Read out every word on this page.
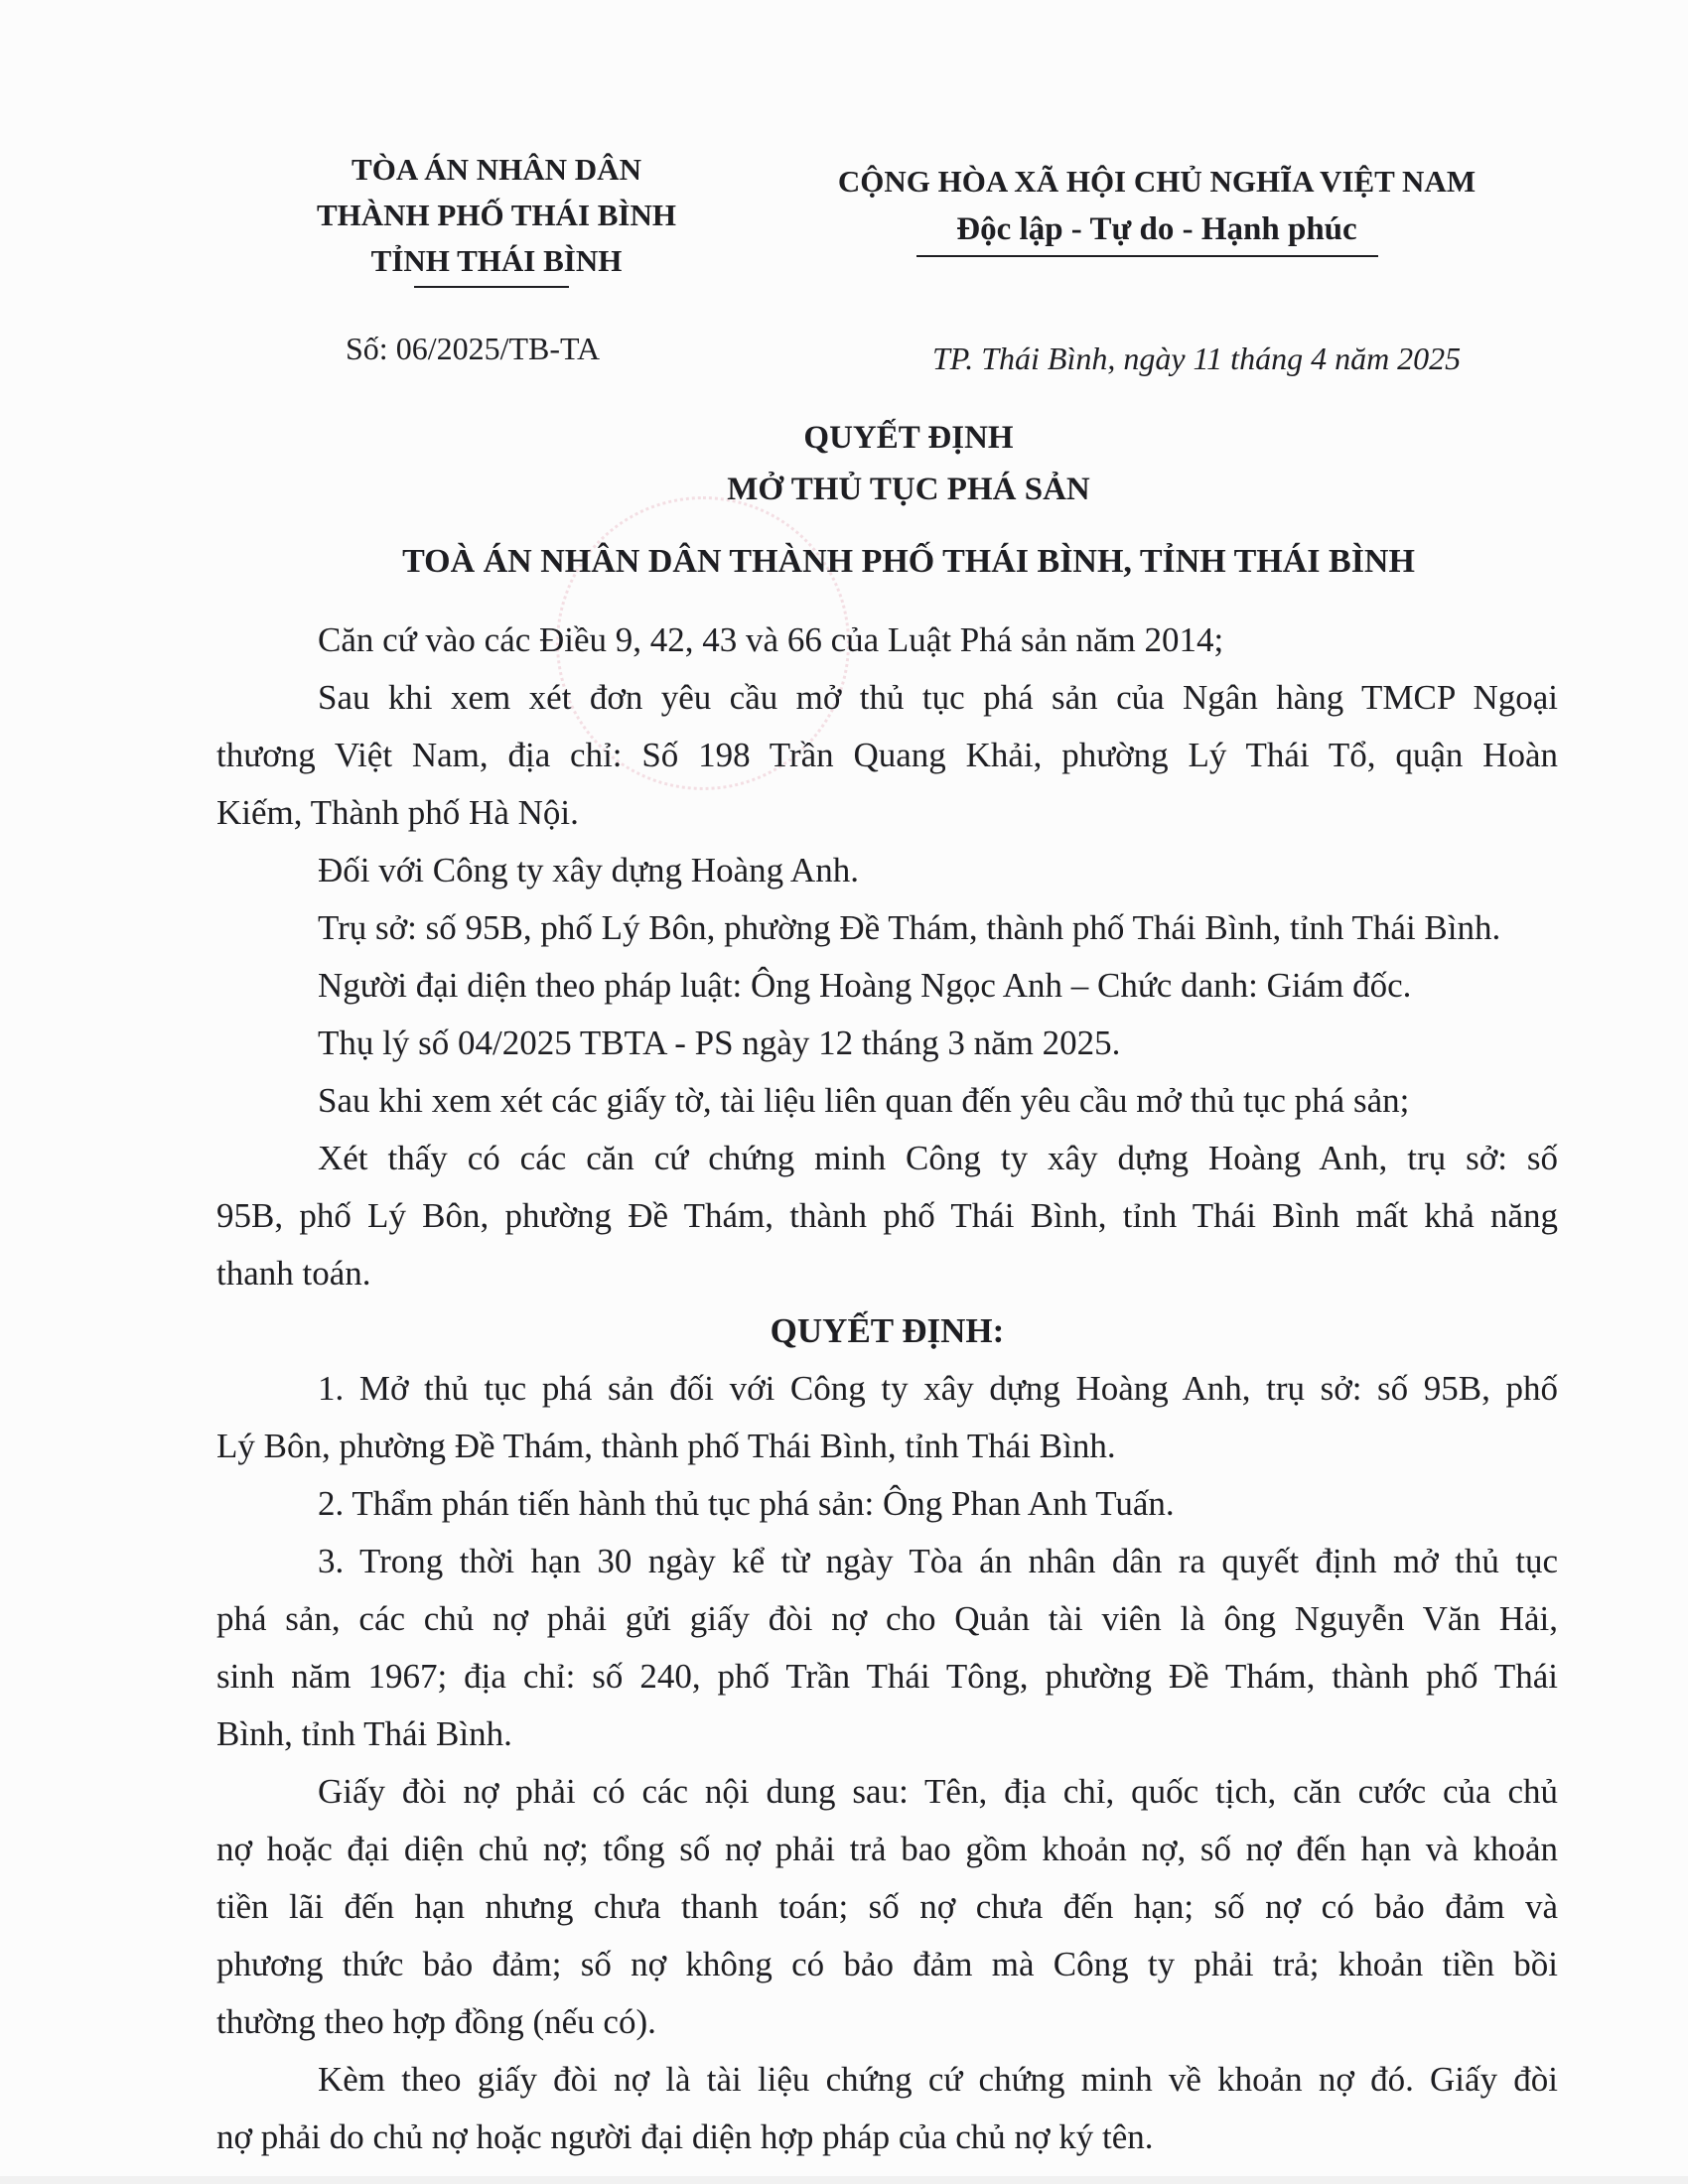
TÒA ÁN NHÂN DÂN
THÀNH PHỐ THÁI BÌNH
TỈNH THÁI BÌNH
CỘNG HÒA XÃ HỘI CHỦ NGHĨA VIỆT NAM
Độc lập - Tự do - Hạnh phúc
Số: 06/2025/TB-TA	TP. Thái Bình, ngày 11 tháng 4 năm 2025
QUYẾT ĐỊNH
MỞ THỦ TỤC PHÁ SẢN
TOÀ ÁN NHÂN DÂN THÀNH PHỐ THÁI BÌNH, TỈNH THÁI BÌNH
Căn cứ vào các Điều 9, 42, 43 và 66 của Luật Phá sản năm 2014;
Sau khi xem xét đơn yêu cầu mở thủ tục phá sản của Ngân hàng TMCP Ngoại
thương Việt Nam, địa chỉ: Số 198 Trần Quang Khải, phường Lý Thái Tổ, quận Hoàn
Kiếm, Thành phố Hà Nội.
Đối với Công ty xây dựng Hoàng Anh.
Trụ sở: số 95B, phố Lý Bôn, phường Đề Thám, thành phố Thái Bình, tỉnh Thái Bình.
Người đại diện theo pháp luật: Ông Hoàng Ngọc Anh – Chức danh: Giám đốc.
Thụ lý số 04/2025 TBTA - PS ngày 12 tháng 3 năm 2025.
Sau khi xem xét các giấy tờ, tài liệu liên quan đến yêu cầu mở thủ tục phá sản;
Xét thấy có các căn cứ chứng minh Công ty xây dựng Hoàng Anh, trụ sở: số
95B, phố Lý Bôn, phường Đề Thám, thành phố Thái Bình, tỉnh Thái Bình mất khả năng
thanh toán.
QUYẾT ĐỊNH:
1. Mở thủ tục phá sản đối với Công ty xây dựng Hoàng Anh, trụ sở: số 95B, phố
Lý Bôn, phường Đề Thám, thành phố Thái Bình, tỉnh Thái Bình.
2. Thẩm phán tiến hành thủ tục phá sản: Ông Phan Anh Tuấn.
3. Trong thời hạn 30 ngày kể từ ngày Tòa án nhân dân ra quyết định mở thủ tục
phá sản, các chủ nợ phải gửi giấy đòi nợ cho Quản tài viên là ông Nguyễn Văn Hải,
sinh năm 1967; địa chỉ: số 240, phố Trần Thái Tông, phường Đề Thám, thành phố Thái
Bình, tỉnh Thái Bình.
Giấy đòi nợ phải có các nội dung sau: Tên, địa chỉ, quốc tịch, căn cước của chủ
nợ hoặc đại diện chủ nợ; tổng số nợ phải trả bao gồm khoản nợ, số nợ đến hạn và khoản
tiền lãi đến hạn nhưng chưa thanh toán; số nợ chưa đến hạn; số nợ có bảo đảm và
phương thức bảo đảm; số nợ không có bảo đảm mà Công ty phải trả; khoản tiền bồi
thường theo hợp đồng (nếu có).
Kèm theo giấy đòi nợ là tài liệu chứng cứ chứng minh về khoản nợ đó. Giấy đòi
nợ phải do chủ nợ hoặc người đại diện hợp pháp của chủ nợ ký tên.
